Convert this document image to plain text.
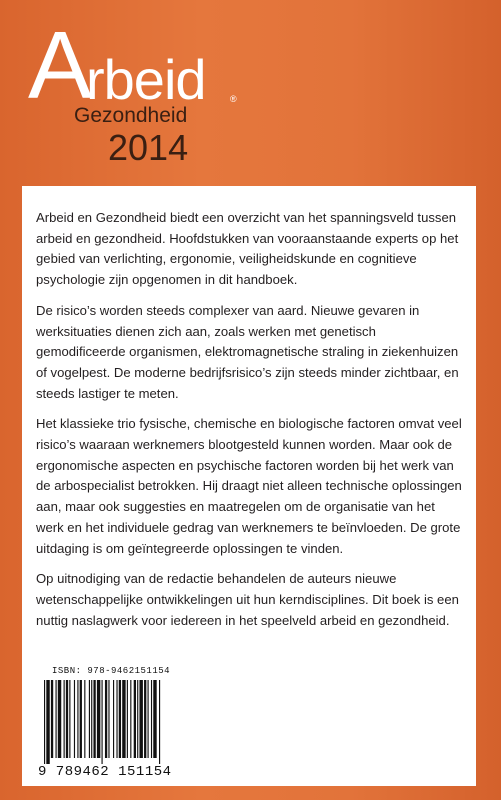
A
rbeid	®
Gezondheid
2014

Arbeid en Gezondheid biedt een overzicht van het spanningsveld tussen arbeid en gezondheid. Hoofdstukken van vooraanstaande experts op het gebied van verlichting, ergonomie, veiligheidskunde en cognitieve psychologie zijn opgenomen in dit handboek.

De risico’s worden steeds complexer van aard. Nieuwe gevaren in werksituaties dienen zich aan, zoals werken met genetisch gemodificeerde organismen, elektromagnetische straling in ziekenhuizen of vogelpest. De moderne bedrijfsrisico’s zijn steeds minder zichtbaar, en steeds lastiger te meten.

Het klassieke trio fysische, chemische en biologische factoren omvat veel risico’s waaraan werknemers blootgesteld kunnen worden. Maar ook de ergonomische aspecten en psychische factoren worden bij het werk van de arbospecialist betrokken. Hij draagt niet alleen technische oplossingen aan, maar ook suggesties en maatregelen om de organisatie van het werk en het individuele gedrag van werknemers te beïnvloeden. De grote uitdaging is om geïntegreerde oplossingen te vinden.

Op uitnodiging van de redactie behandelen de auteurs nieuwe wetenschappelijke ontwikkelingen uit hun kerndisciplines. Dit boek is een nuttig naslagwerk voor iedereen in het speelveld arbeid en gezondheid.

ISBN: 978-9462151154
9 789462 151154
